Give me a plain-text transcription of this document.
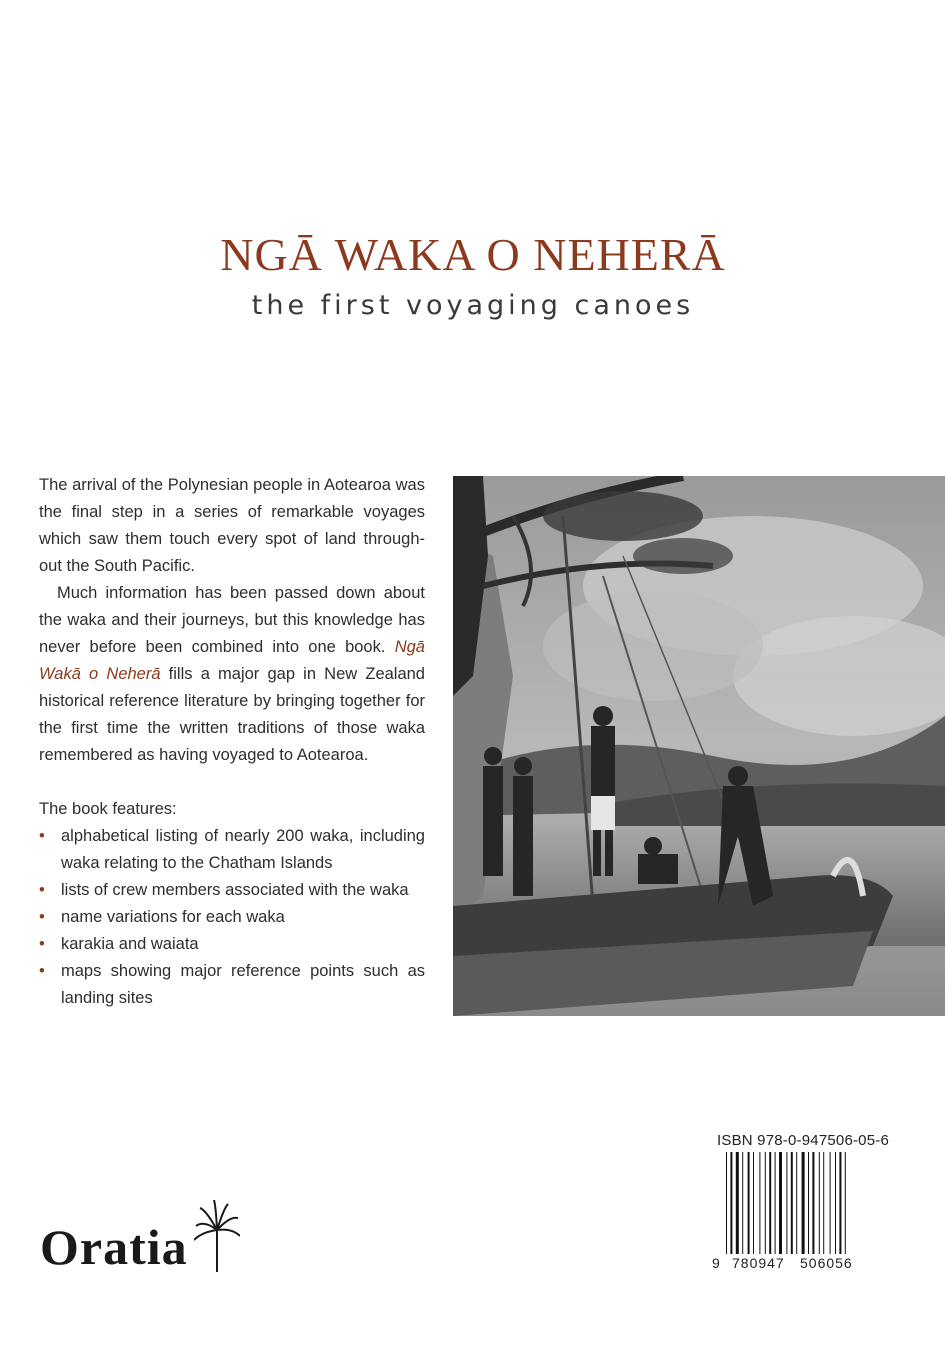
NGĀ WAKA O NEHERĀ
the first voyaging canoes

The arrival of the Polynesian people in Aotearoa was the final step in a series of remarkable voyages which saw them touch every spot of land through-out the South Pacific.

Much information has been passed down about the waka and their journeys, but this knowledge has never before been combined into one book. Ngā Wakā o Neherā fills a major gap in New Zealand historical reference literature by bringing together for the first time the written traditions of those waka remembered as having voyaged to Aotearoa.

The book features:

• alphabetical listing of nearly 200 waka, including waka relating to the Chatham Islands
• lists of crew members associated with the waka
• name variations for each waka
• karakia and waiata
• maps showing major reference points such as landing sites
ISBN 978-0-947506-05-6
9 780947 506056
Oratia
